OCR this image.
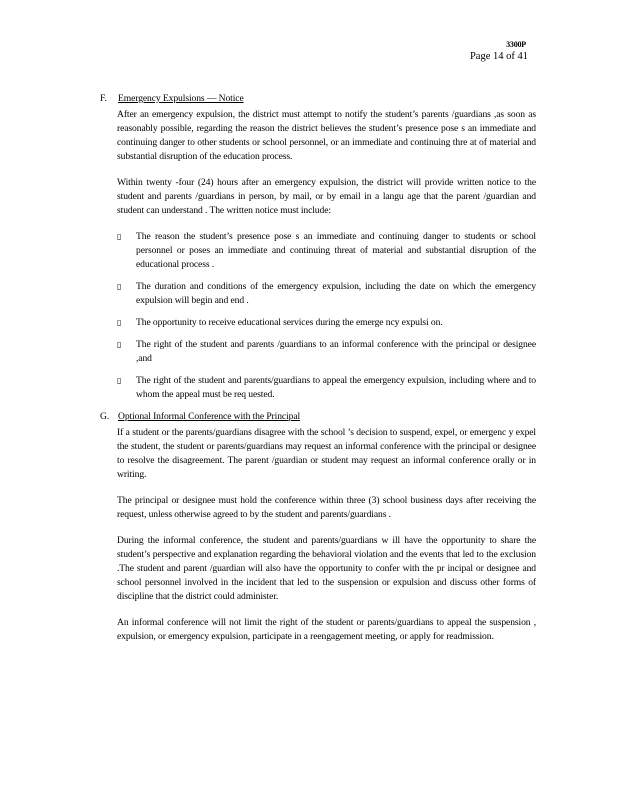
3300P
Page 14 of 41
F.	Emergency Expulsions — Notice

After an emergency expulsion, the district must attempt to notify the student’s parents /guardians ,as soon as reasonably possible, regarding the reason the district believes the student’s presence pose s an immediate and continuing danger to other students or school personnel, or an immediate and continuing thre at of material and substantial disruption of the education process.

Within twenty -four (24) hours after an emergency expulsion, the district will provide written notice to the student and parents /guardians in person, by mail, or by email in a langu age that the parent /guardian and student can understand . The written notice must include:

▯	The reason the student’s presence pose s an immediate and continuing danger to students or school personnel or poses an immediate and continuing threat of material and substantial disruption of the educational process .
▯	The duration and conditions of the emergency expulsion, including the date on which the emergency expulsion will begin and end .
▯	The opportunity to receive educational services during the emerge ncy expulsi on.
▯	The right of the student and parents /guardians to an informal conference with the principal or designee ,and
▯	The right of the student and parents/guardians to appeal the emergency expulsion, including where and to whom the appeal must be req uested.
G. Optional Informal Conference with the Principal

If a student or the parents/guardians disagree with the school ’s decision to suspend, expel, or emergenc y expel the student, the student or parents/guardians may request an informal conference with the principal or designee to resolve the disagreement. The parent /guardian or student may request an informal conference orally or in writing.

The principal or designee must hold the conference within three (3) school business days after receiving the request, unless otherwise agreed to by the student and parents/guardians .

During the informal conference, the student and parents/guardians w ill have the opportunity to share the student’s perspective and explanation regarding the behavioral violation and the events that led to the exclusion .The student and parent /guardian will also have the opportunity to confer with the pr incipal or designee and school personnel involved in the incident that led to the suspension or expulsion and discuss other forms of discipline that the district could administer.

An informal conference will not limit the right of the student or parents/guardians to appeal the suspension , expulsion, or emergency expulsion, participate in a reengagement meeting, or apply for readmission.
